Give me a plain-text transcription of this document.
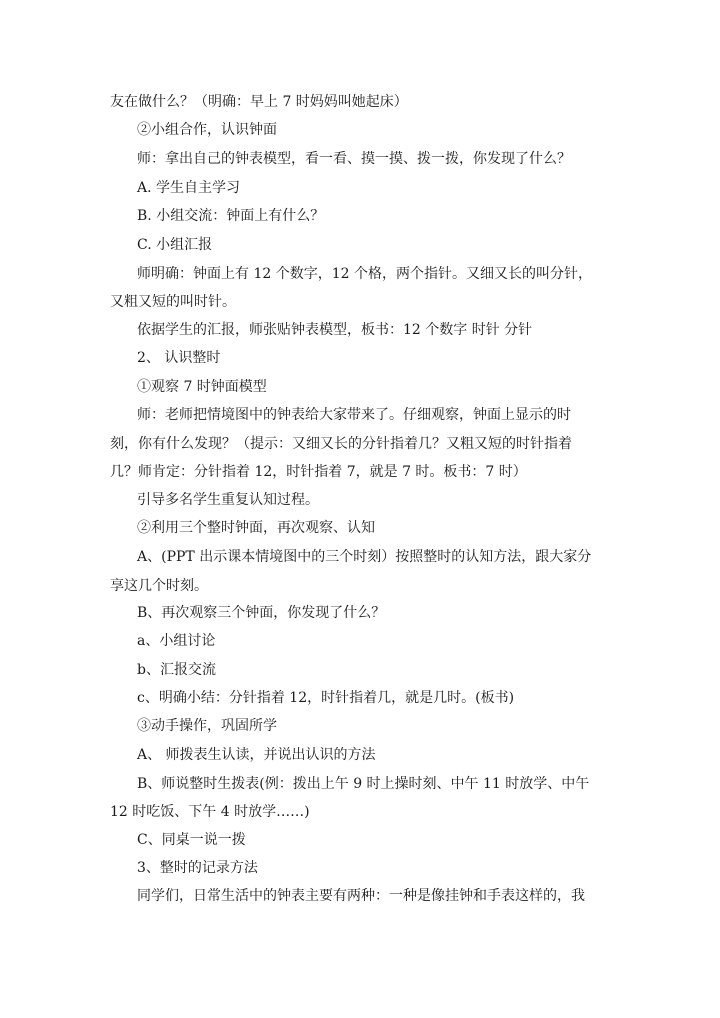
友在做什么？（明确：早上 7 时妈妈叫她起床）
②小组合作，认识钟面
师：拿出自己的钟表模型，看一看、摸一摸、拨一拨，你发现了什么？
A. 学生自主学习
B. 小组交流：钟面上有什么？
C. 小组汇报
师明确：钟面上有 12 个数字，12 个格，两个指针。又细又长的叫分针，
又粗又短的叫时针。
依据学生的汇报，师张贴钟表模型，板书：12 个数字 时针 分针
2、 认识整时
①观察 7 时钟面模型
师：老师把情境图中的钟表给大家带来了。仔细观察，钟面上显示的时
刻，你有什么发现？（提示：又细又长的分针指着几？又粗又短的时针指着
几？师肯定：分针指着 12，时针指着 7，就是 7 时。板书：7 时）
引导多名学生重复认知过程。
②利用三个整时钟面，再次观察、认知
A、(PPT 出示课本情境图中的三个时刻）按照整时的认知方法，跟大家分
享这几个时刻。
B、再次观察三个钟面，你发现了什么？
a、小组讨论
b、汇报交流
c、明确小结：分针指着 12，时针指着几，就是几时。(板书)
③动手操作，巩固所学
A、 师拨表生认读，并说出认识的方法
B、师说整时生拨表(例：拨出上午 9 时上操时刻、中午 11 时放学、中午
12 时吃饭、下午 4 时放学……)
C、同桌一说一拨
3、整时的记录方法
同学们，日常生活中的钟表主要有两种：一种是像挂钟和手表这样的，我
